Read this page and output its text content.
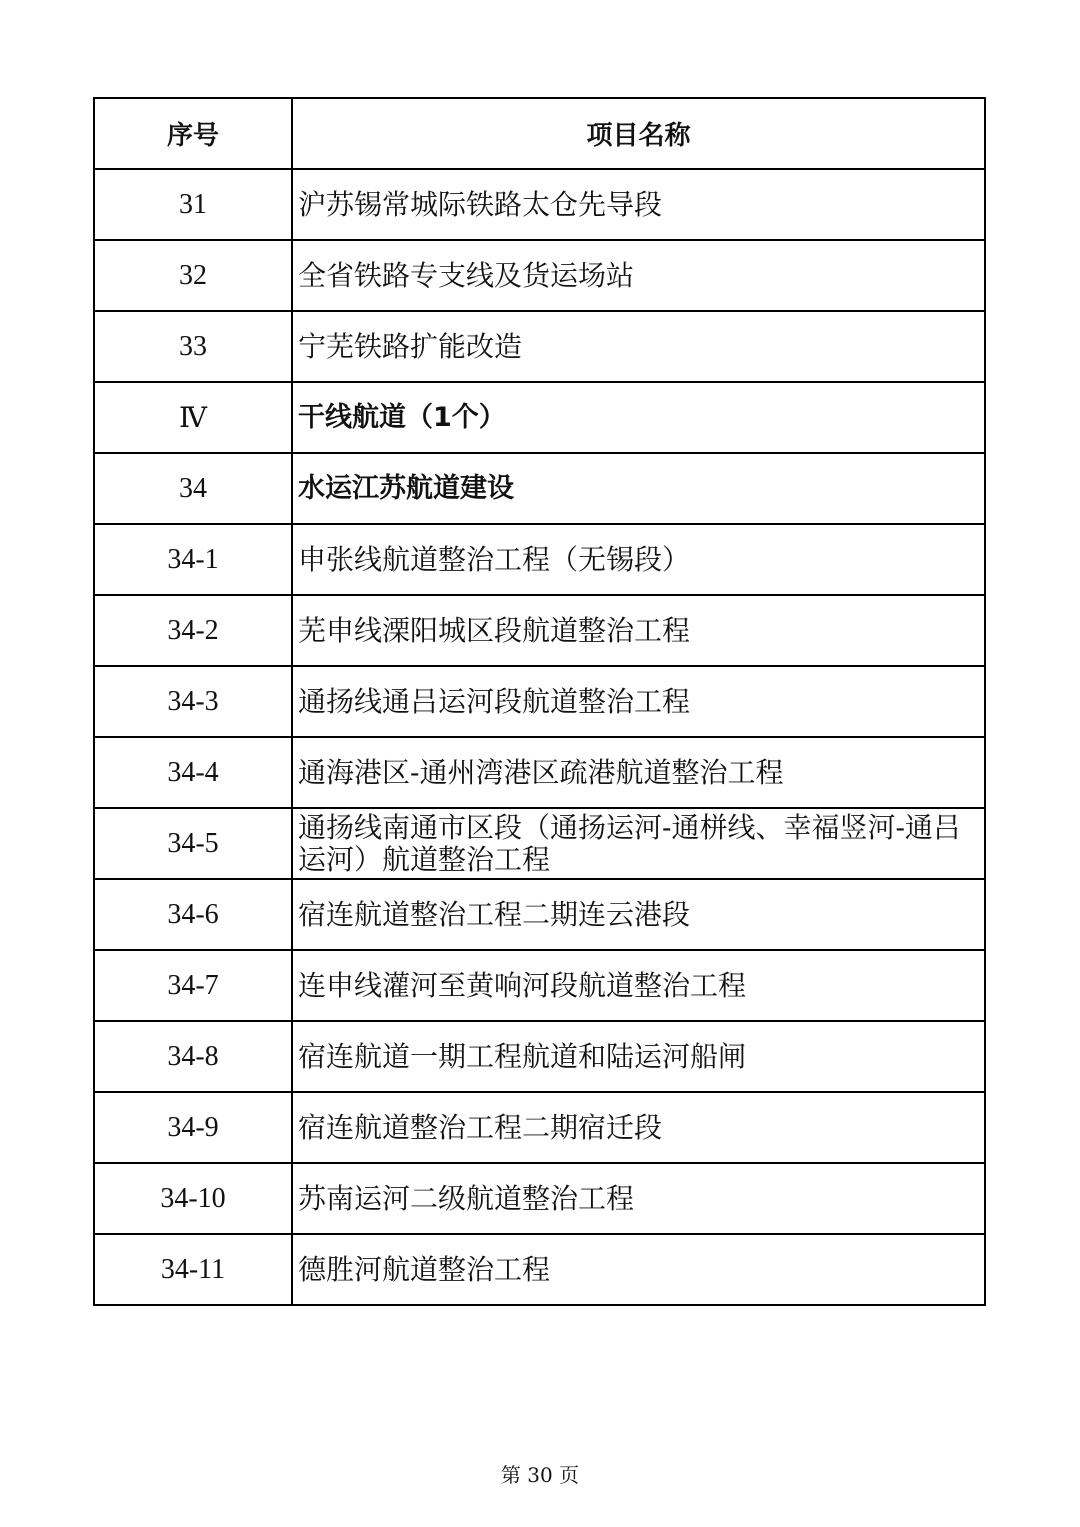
序号	项目名称
31	沪苏锡常城际铁路太仓先导段
32	全省铁路专支线及货运场站
33	宁芜铁路扩能改造
Ⅳ	干线航道（1个）
34	水运江苏航道建设
34-1	申张线航道整治工程（无锡段）
34-2	芜申线溧阳城区段航道整治工程
34-3	通扬线通吕运河段航道整治工程
34-4	通海港区-通州湾港区疏港航道整治工程
34-5	通扬线南通市区段（通扬运河-通栟线、幸福竖河-通吕运河）航道整治工程
34-6	宿连航道整治工程二期连云港段
34-7	连申线灌河至黄响河段航道整治工程
34-8	宿连航道一期工程航道和陆运河船闸
34-9	宿连航道整治工程二期宿迁段
34-10	苏南运河二级航道整治工程
34-11	德胜河航道整治工程
第 30 页
